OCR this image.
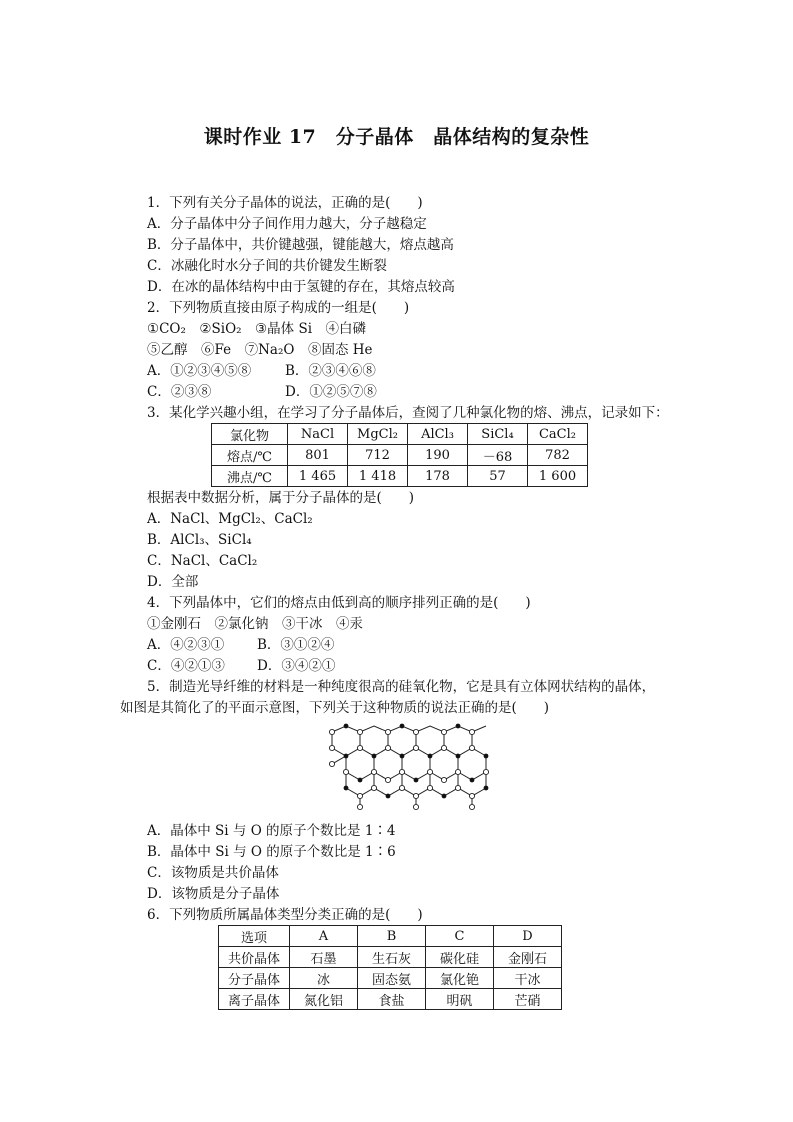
课时作业 17　分子晶体　晶体结构的复杂性
1．下列有关分子晶体的说法，正确的是(　　)
A．分子晶体中分子间作用力越大，分子越稳定
B．分子晶体中，共价键越强，键能越大，熔点越高
C．冰融化时水分子间的共价键发生断裂
D．在冰的晶体结构中由于氢键的存在，其熔点较高
2．下列物质直接由原子构成的一组是(　　)
①CO₂　②SiO₂　③晶体 Si　④白磷
⑤乙醇　⑥Fe　⑦Na₂O　⑧固态 He
A．①②③④⑤⑧	B．②③④⑥⑧
C．②③⑧	D．①②⑤⑦⑧
3．某化学兴趣小组，在学习了分子晶体后，查阅了几种氯化物的熔、沸点，记录如下：
氯化物	NaCl	MgCl₂	AlCl₃	SiCl₄	CaCl₂
熔点/℃	801	712	190	－68	782
沸点/℃	1 465	1 418	178	57	1 600
根据表中数据分析，属于分子晶体的是(　　)
A．NaCl、MgCl₂、CaCl₂
B．AlCl₃、SiCl₄
C．NaCl、CaCl₂
D．全部
4．下列晶体中，它们的熔点由低到高的顺序排列正确的是(　　)
①金刚石　②氯化钠　③干冰　④汞
A．④②③① B．③①②④
C．④②①③ D．③④②①
5．制造光导纤维的材料是一种纯度很高的硅氧化物，它是具有立体网状结构的晶体，
如图是其简化了的平面示意图，下列关于这种物质的说法正确的是(　　)
A．晶体中 Si 与 O 的原子个数比是 1∶4
B．晶体中 Si 与 O 的原子个数比是 1∶6
C．该物质是共价晶体
D．该物质是分子晶体
6．下列物质所属晶体类型分类正确的是(　　)
选项	A	B	C	D
共价晶体	石墨	生石灰	碳化硅	金刚石
分子晶体	冰	固态氨	氯化铯	干冰
离子晶体	氮化铝	食盐	明矾	芒硝
